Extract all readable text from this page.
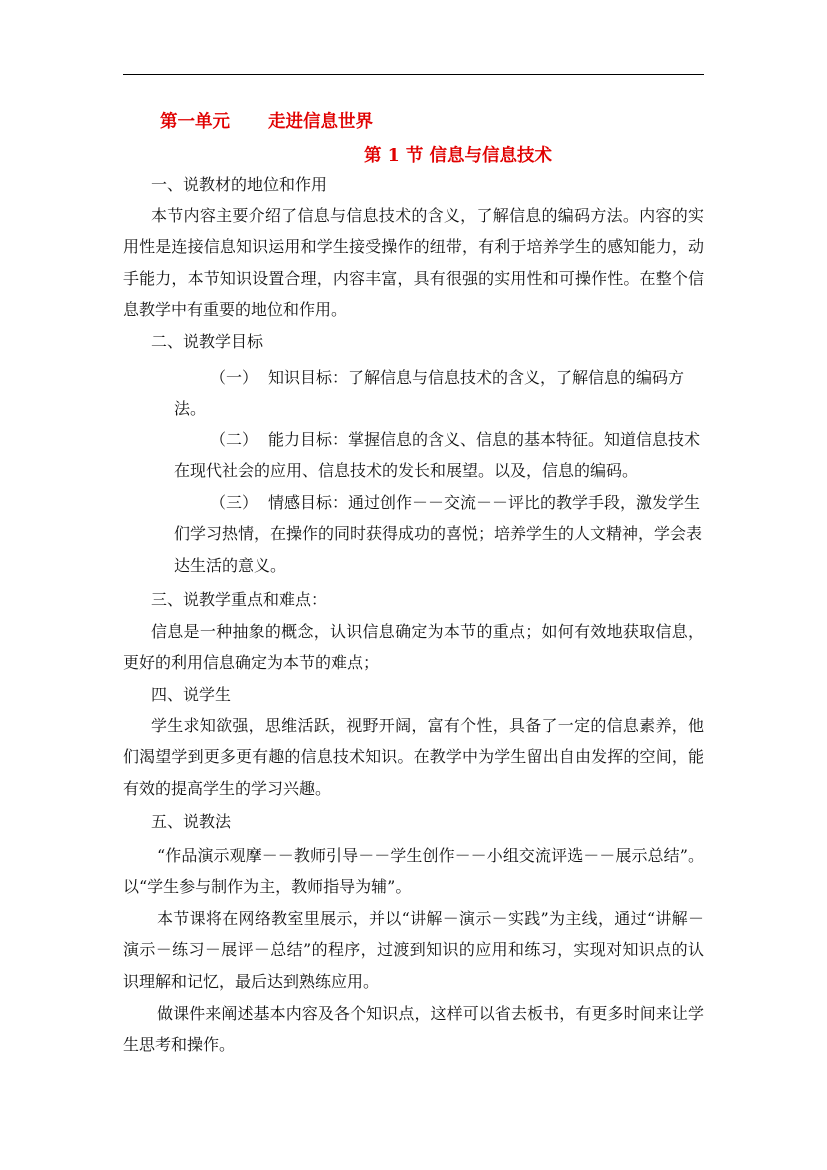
第一单元 走进信息世界
第 1 节 信息与信息技术
一、说教材的地位和作用
本节内容主要介绍了信息与信息技术的含义，了解信息的编码方法。内容的实用性是连接信息知识运用和学生接受操作的纽带，有利于培养学生的感知能力，动手能力，本节知识设置合理，内容丰富，具有很强的实用性和可操作性。在整个信息教学中有重要的地位和作用。
二、说教学目标
（一） 知识目标：了解信息与信息技术的含义，了解信息的编码方法。
（二） 能力目标：掌握信息的含义、信息的基本特征。知道信息技术在现代社会的应用、信息技术的发长和展望。以及，信息的编码。
（三） 情感目标：通过创作－－交流－－评比的教学手段，激发学生们学习热情，在操作的同时获得成功的喜悦；培养学生的人文精神，学会表达生活的意义。
三、说教学重点和难点：
信息是一种抽象的概念，认识信息确定为本节的重点；如何有效地获取信息，更好的利用信息确定为本节的难点；
四、说学生
学生求知欲强，思维活跃，视野开阔，富有个性，具备了一定的信息素养，他们渴望学到更多更有趣的信息技术知识。在教学中为学生留出自由发挥的空间，能有效的提高学生的学习兴趣。
五、说教法
“作品演示观摩－－教师引导－－学生创作－－小组交流评选－－展示总结”。以“学生参与制作为主，教师指导为辅”。
本节课将在网络教室里展示，并以“讲解－演示－实践”为主线，通过“讲解－演示－练习－展评－总结”的程序，过渡到知识的应用和练习，实现对知识点的认识理解和记忆，最后达到熟练应用。
做课件来阐述基本内容及各个知识点，这样可以省去板书，有更多时间来让学生思考和操作。
